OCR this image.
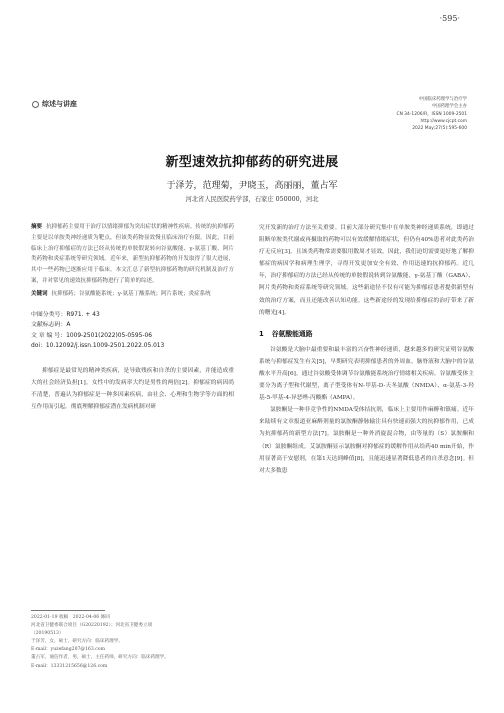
·595·
综述与讲座
中国临床药理学与治疗学
中国药理学会主办
CN 34-1206/R，ISSN 1009-2501
http://www.cjcpt.com
2022 May;27(5):595-600
新型速效抗抑郁药的研究进展
于泽芳，范理菊，尹晓玉，高丽丽，董占军
河北省人民医院药学部，石家庄 050000，河北
摘要 抗抑郁药主要用于治疗以情绪抑郁为突出症状的精神性疾病。传统的抗抑郁药主要是以单胺类神经递质为靶点，但该类药物显效慢且临床治疗有限。因此，目前临床上治疗抑郁症的方法已经从传统的单胺假说转向谷氨酸能、γ-氨基丁酸、阿片类药物和炎症系统等研究领域。近年来，新型抗抑郁药物的开发取得了很大进展，其中一些药物已逐渐应用于临床。本文汇总了新型抗抑郁药物的研究机制及治疗方案，并对常见的速效抗抑郁药物进行了简单的综述。
关键词 抗抑郁药；谷氨酸能系统；γ-氨基丁酸系统；阿片系统；炎症系统
中图分类号：R971. + 43
文献标志码：A
文 章 编 号：1009-2501(2022)05-0595-06
doi：10.12092/j.issn.1009-2501.2022.05.013
抑郁症是最常见的精神类疾病，是导致残疾和自杀的主要因素，并能造成重大的社会经济负担[1]。女性中的发病率大约是男性的两倍[2]。抑郁症的病因尚不清楚，普遍认为抑郁症是一种多因素疾病，由社会、心理和生物学等方面的相互作用而引起。彻底理解抑郁症潜在发病机制对研
2022-01-19 收稿　2022-04-06 修回
河北省卫健委联合项目（G20220192）；河北省卫健委立项
（20190513）
于泽芳，女，硕士，研究方向：临床药理学。
E-mail：yuzefang207@163.com
董占军，通信作者，男，硕士，主任药师，研究方向：临床药理学。
E-mail：13331215656@126.com
究开发新的治疗方法至关重要。目前大部分研究集中在单胺类神经递质系统，即通过阻断单胺类代谢或再摄取的药物可以有效缓解情绪症状，但仍有40%患者对此类药治疗无反应[3]。且该类药物常需要服用数周才显效。因此，我们迫切需要更好地了解抑郁症的病因学和病理生理学，寻得开发更加安全有效、作用迅速的抗抑郁药。近几年，治疗抑郁症的方法已经从传统的单胺假说转到谷氨酸能、γ-氨基丁酸（GABA）、阿片类药物和炎症系统等研究领域。这些新途径不仅有可能为抑郁症患者提供新型有效的治疗方案，而且还能改善认知功能。这些新途径的发现给抑郁症的治疗带来了新的曙光[4]。
1 谷氨酸能通路
谷氨酸是大脑中最重要和最丰富的兴奋性神经递质，越来越多的研究证明谷氨酸系统与抑郁症发生有关[5]，早期研究表明抑郁患者的外周血、脑脊液和大脑中的谷氨酸水平升高[6]。通过谷氨酸受体调节谷氨酸能系统治疗情绪相关疾病。谷氨酸受体主要分为离子型和代谢型，离子型受体有N-甲基-D-天冬氨酸（NMDA）、α-氨基-3-羟基-5-甲基-4-异恶唑-丙酸酯（AMPA）。
氯胺酮是一种非竞争性的NMDA受体拮抗剂，临床上主要用作麻醉和镇痛。近年来陆续有文章报道亚麻醉剂量的氯胺酮静脉输注具有快速而强大的抗抑郁作用，已成为抗抑郁药的新型方法[7]。氯胺酮是一种外消旋混合物，由等量的（S）氯胺酮和（R）氯胺酮组成。艾氯胺酮显示氯胺酮对抑郁症的缓解作用从给药40 min开始，作用显著高于安慰剂，在第1天达到峰值[8]，且能迅速显著降低患者的自杀意念[9]。但对大多数患
